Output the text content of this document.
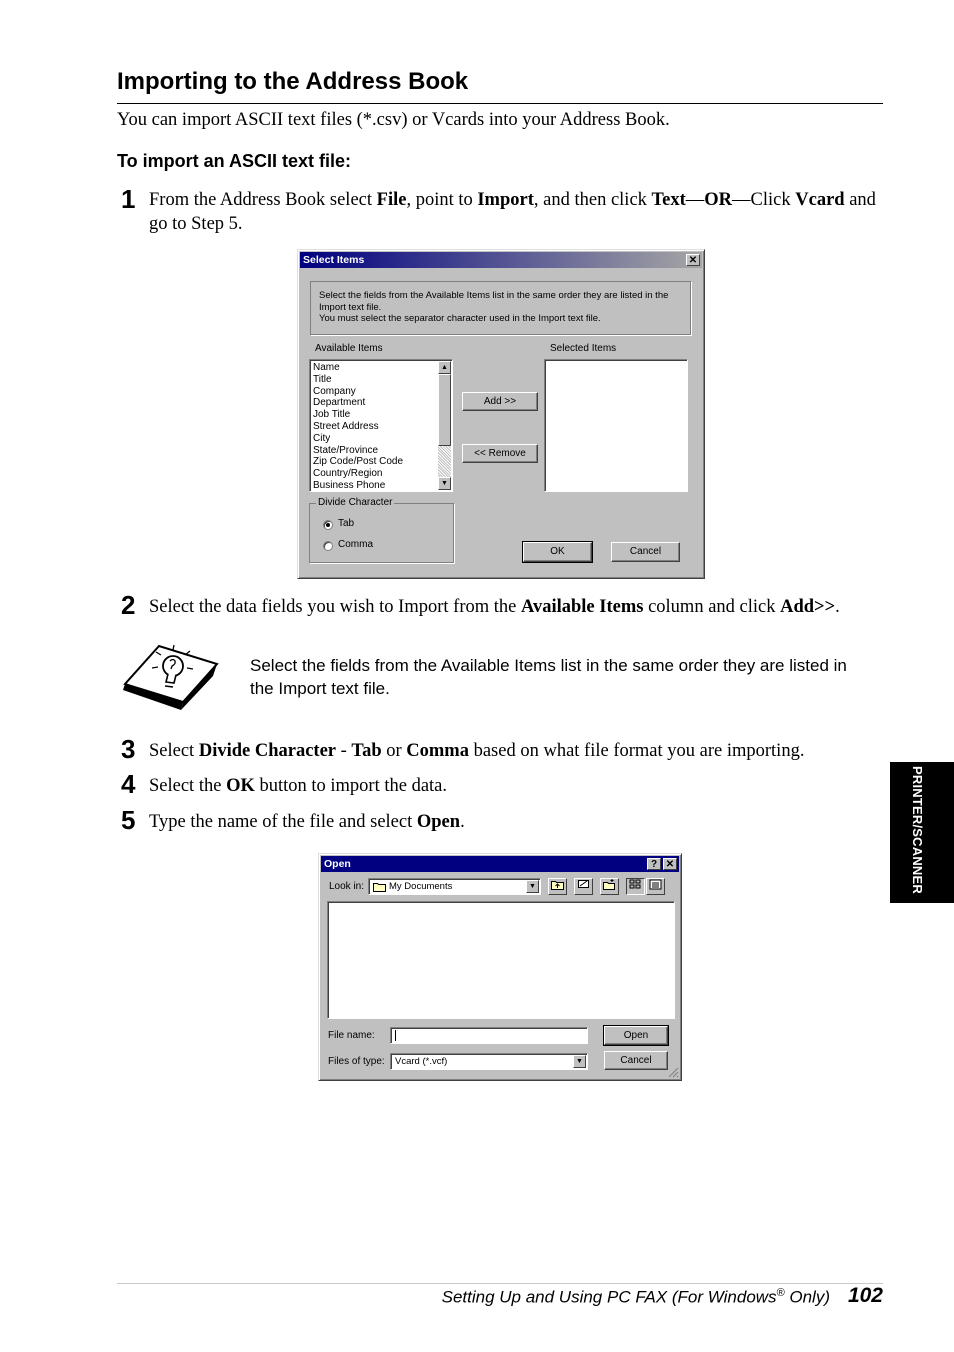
Importing to the Address Book
You can import ASCII text files (*.csv) or Vcards into your Address Book.
To import an ASCII text file:
1 From the Address Book select File, point to Import, and then click Text—OR—Click Vcard and go to Step 5.
Select Items	✕
Select the fields from the Available Items list in the same order they are listed in the
Import text file.
You must select the separator character used in the Import text file.
Available Items	Selected Items
Name
Title
Company
Department
Job Title
Street Address
City
State/Province
Zip Code/Post Code
Country/Region
Business Phone
▲
▼
Add >>
<< Remove
Divide Character
Tab
Comma
OK	Cancel
2 Select the data fields you wish to Import from the Available Items column and click Add>>.
Select the fields from the Available Items list in the same order they are listed in the Import text file.
3 Select Divide Character - Tab or Comma based on what file format you are importing.
4 Select the OK button to import the data.
5 Type the name of the file and select Open.
Open	? ✕
Look in:	My Documents	▼
File name:	Open
Files of type:	Vcard (*.vcf)	▼	Cancel
PRINTER/SCANNER
Setting Up and Using PC FAX (For Windows® Only) 102
